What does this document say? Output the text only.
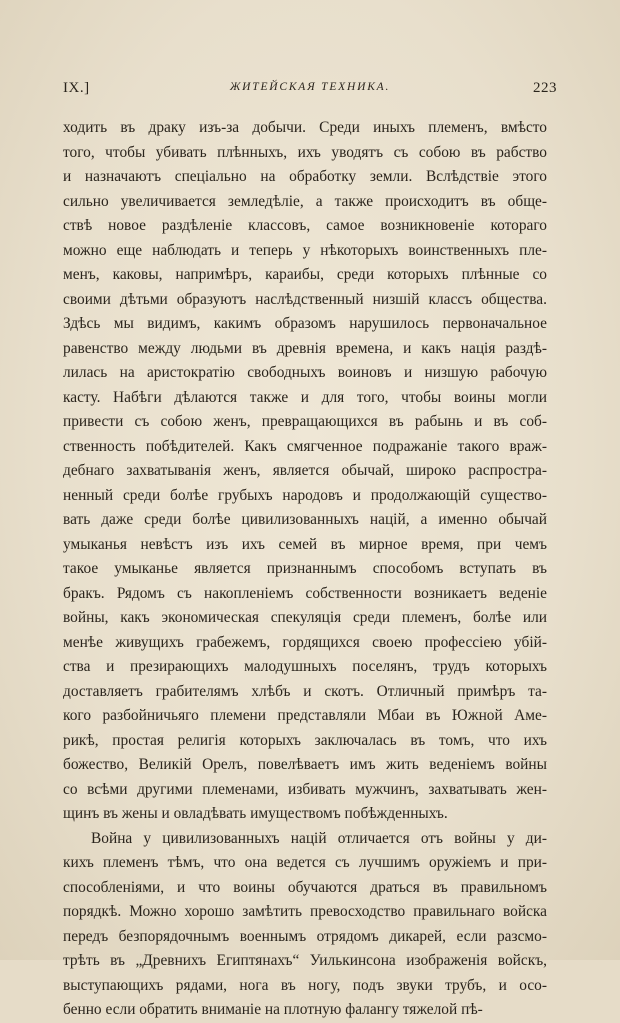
IX.]	ЖИТЕЙСКАЯ ТЕХНИКА.	223
ходить въ драку изъ-за добычи. Среди иныхъ племенъ, вмѣсто
того, чтобы убивать плѣнныхъ, ихъ уводятъ съ собою въ рабство
и назначаютъ спеціально на обработку земли. Вслѣдствіе этого
сильно увеличивается земледѣліе, а также происходитъ въ обще-
ствѣ новое раздѣленіе классовъ, самое возникновеніе котораго
можно еще наблюдать и теперь у нѣкоторыхъ воинственныхъ пле-
менъ, каковы, напримѣръ, караибы, среди которыхъ плѣнные со
своими дѣтьми образуютъ наслѣдственный низшій классъ общества.
Здѣсь мы видимъ, какимъ образомъ нарушилось первоначальное
равенство между людьми въ древнія времена, и какъ нація раздѣ-
лилась на аристократію свободныхъ воиновъ и низшую рабочую
касту. Набѣги дѣлаются также и для того, чтобы воины могли
привести съ собою женъ, превращающихся въ рабынь и въ соб-
ственность побѣдителей. Какъ смягченное подражаніе такого враж-
дебнаго захватыванія женъ, является обычай, широко распростра-
ненный среди болѣе грубыхъ народовъ и продолжающій существо-
вать даже среди болѣе цивилизованныхъ націй, а именно обычай
умыканья невѣстъ изъ ихъ семей въ мирное время, при чемъ
такое умыканье является признаннымъ способомъ вступать въ
бракъ. Рядомъ съ накопленіемъ собственности возникаетъ веденіе
войны, какъ экономическая спекуляція среди племенъ, болѣе или
менѣе живущихъ грабежемъ, гордящихся своею профессіею убій-
ства и презирающихъ малодушныхъ поселянъ, трудъ которыхъ
доставляетъ грабителямъ хлѣбъ и скотъ. Отличный примѣръ та-
кого разбойничьяго племени представляли Мбаи въ Южной Аме-
рикѣ, простая религія которыхъ заключалась въ томъ, что ихъ
божество, Великій Орелъ, повелѣваетъ имъ жить веденіемъ войны
со всѣми другими племенами, избивать мужчинъ, захватывать жен-
щинъ въ жены и овладѣвать имуществомъ побѣжденныхъ.
Война у цивилизованныхъ націй отличается отъ войны у ди-
кихъ племенъ тѣмъ, что она ведется съ лучшимъ оружіемъ и при-
способленіями, и что воины обучаются драться въ правильномъ
порядкѣ. Можно хорошо замѣтить превосходство правильнаго войска
передъ безпорядочнымъ военнымъ отрядомъ дикарей, если разсмо-
трѣть въ „Древнихъ Египтянахъ“ Уилькинсона изображенія войскъ,
выступающихъ рядами, нога въ ногу, подъ звуки трубъ, и осо-
бенно если обратить вниманіе на плотную фалангу тяжелой пѣ-
